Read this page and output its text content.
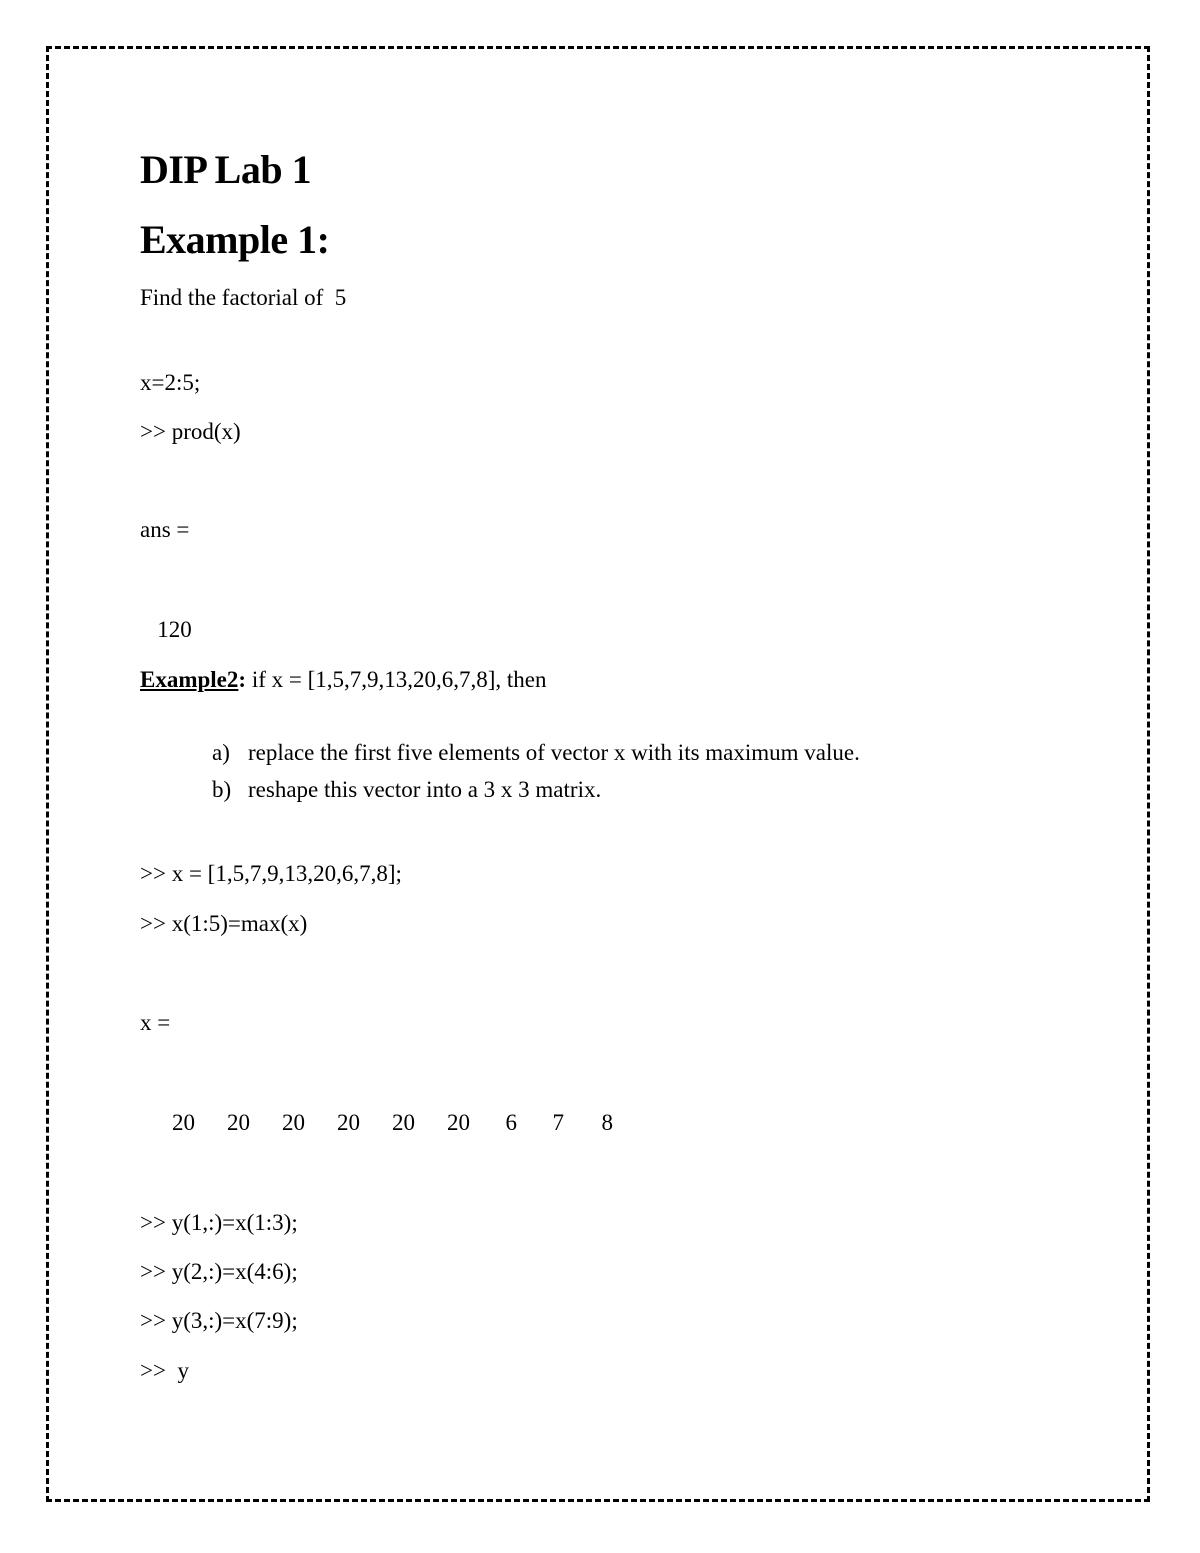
DIP Lab 1
Example 1:
Find the factorial of  5
x=2:5;
>> prod(x)
ans =
120
Example2: if x = [1,5,7,9,13,20,6,7,8], then
a) replace the first five elements of vector x with its maximum value.
b) reshape this vector into a 3 x 3 matrix.
>> x = [1,5,7,9,13,20,6,7,8];
>> x(1:5)=max(x)
x =
20	20	20	20	20	20	6	7	8
>> y(1,:)=x(1:3);
>> y(2,:)=x(4:6);
>> y(3,:)=x(7:9);
>>  y
